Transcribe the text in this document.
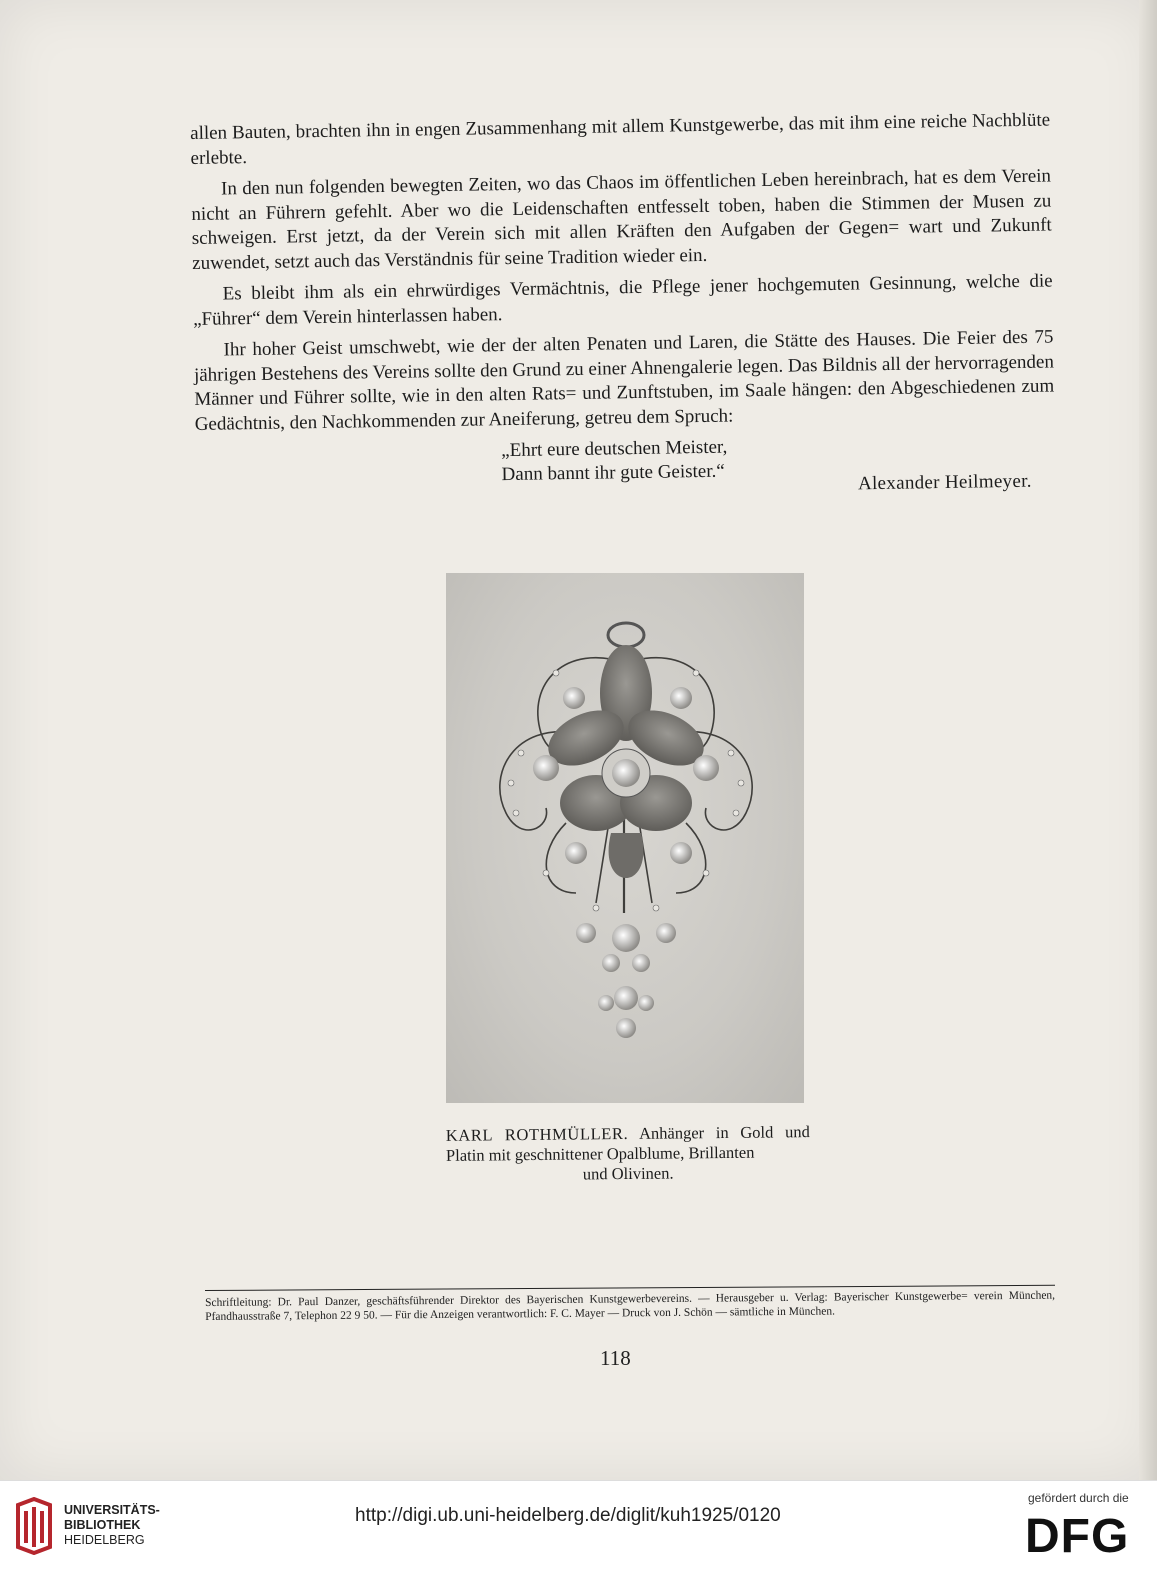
allen Bauten, brachten ihn in engen Zusammenhang mit allem Kunstgewerbe, das mit ihm eine reiche Nachblüte erlebte.

In den nun folgenden bewegten Zeiten, wo das Chaos im öffentlichen Leben hereinbrach, hat es dem Verein nicht an Führern gefehlt. Aber wo die Leidenschaften entfesselt toben, haben die Stimmen der Musen zu schweigen. Erst jetzt, da der Verein sich mit allen Kräften den Aufgaben der Gegen= wart und Zukunft zuwendet, setzt auch das Verständnis für seine Tradition wieder ein.

Es bleibt ihm als ein ehrwürdiges Vermächtnis, die Pflege jener hochgemuten Gesinnung, welche die „Führer“ dem Verein hinterlassen haben.

Ihr hoher Geist umschwebt, wie der der alten Penaten und Laren, die Stätte des Hauses. Die Feier des 75 jährigen Bestehens des Vereins sollte den Grund zu einer Ahnengalerie legen. Das Bildnis all der hervorragenden Männer und Führer sollte, wie in den alten Rats= und Zunftstuben, im Saale hängen: den Abgeschiedenen zum Gedächtnis, den Nachkommenden zur Aneiferung, getreu dem Spruch:

„Ehrt eure deutschen Meister,
Dann bannt ihr gute Geister.“	Alexander Heilmeyer.
KARL ROTHMÜLLER. Anhänger in Gold und Platin mit geschnittener Opalblume, Brillanten
und Olivinen.
Schriftleitung: Dr. Paul Danzer, geschäftsführender Direktor des Bayerischen Kunstgewerbevereins. — Herausgeber u. Verlag: Bayerischer Kunstgewerbe= verein München, Pfandhausstraße 7, Telephon 22 9 50. — Für die Anzeigen verantwortlich: F. C. Mayer — Druck von J. Schön — sämtliche in München.
118
UNIVERSITÄTS-
BIBLIOTHEK
HEIDELBERG
http://digi.ub.uni-heidelberg.de/diglit/kuh1925/0120
gefördert durch die
DFG
